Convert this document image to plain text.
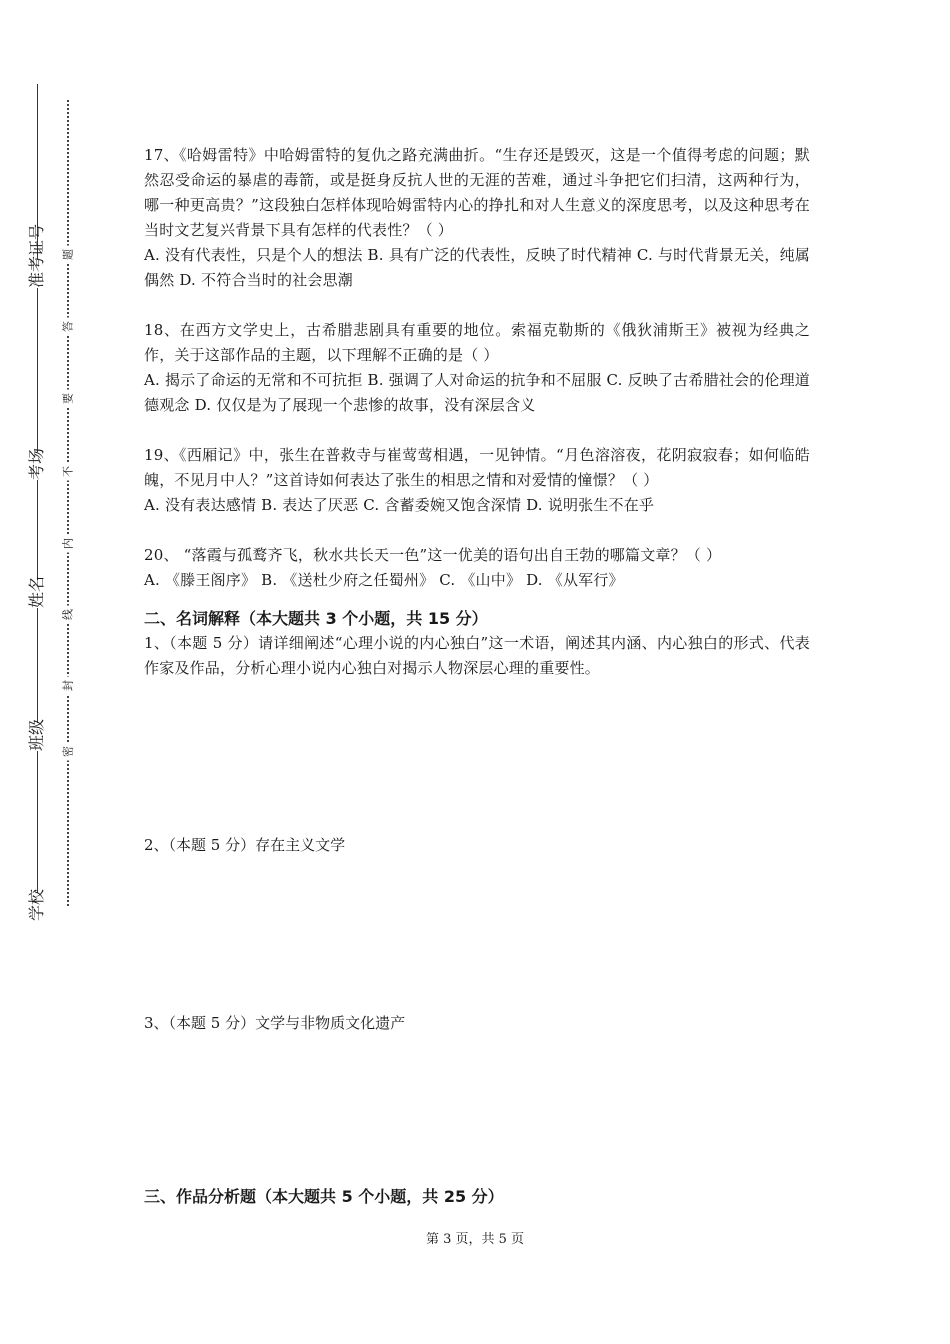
准考证号
考场
姓名
班级
学校
密
封
线
内
不
要
答
题

17、《哈姆雷特》中哈姆雷特的复仇之路充满曲折。“生存还是毁灭，这是一个值得考虑的问题；默然忍受命运的暴虐的毒箭，或是挺身反抗人世的无涯的苦难，通过斗争把它们扫清，这两种行为，哪一种更高贵？”这段独白怎样体现哈姆雷特内心的挣扎和对人生意义的深度思考，以及这种思考在当时文艺复兴背景下具有怎样的代表性？（ ）

A. 没有代表性，只是个人的想法 B. 具有广泛的代表性，反映了时代精神 C. 与时代背景无关，纯属偶然 D. 不符合当时的社会思潮

18、在西方文学史上，古希腊悲剧具有重要的地位。索福克勒斯的《俄狄浦斯王》被视为经典之作，关于这部作品的主题，以下理解不正确的是（ ）

A. 揭示了命运的无常和不可抗拒 B. 强调了人对命运的抗争和不屈服 C. 反映了古希腊社会的伦理道德观念 D. 仅仅是为了展现一个悲惨的故事，没有深层含义

19、《西厢记》中，张生在普救寺与崔莺莺相遇，一见钟情。“月色溶溶夜，花阴寂寂春；如何临皓魄，不见月中人？”这首诗如何表达了张生的相思之情和对爱情的憧憬？（ ）

A. 没有表达感情 B. 表达了厌恶 C. 含蓄委婉又饱含深情 D. 说明张生不在乎

20、 “落霞与孤鹜齐飞，秋水共长天一色”这一优美的语句出自王勃的哪篇文章？（ ）

A. 《滕王阁序》 B. 《送杜少府之任蜀州》 C. 《山中》 D. 《从军行》

二、名词解释（本大题共 3 个小题，共 15 分）

1、（本题 5 分）请详细阐述“心理小说的内心独白”这一术语，阐述其内涵、内心独白的形式、代表作家及作品，分析心理小说内心独白对揭示人物深层心理的重要性。

2、（本题 5 分）存在主义文学

3、（本题 5 分）文学与非物质文化遗产

三、作品分析题（本大题共 5 个小题，共 25 分）
第 3 页，共 5 页
